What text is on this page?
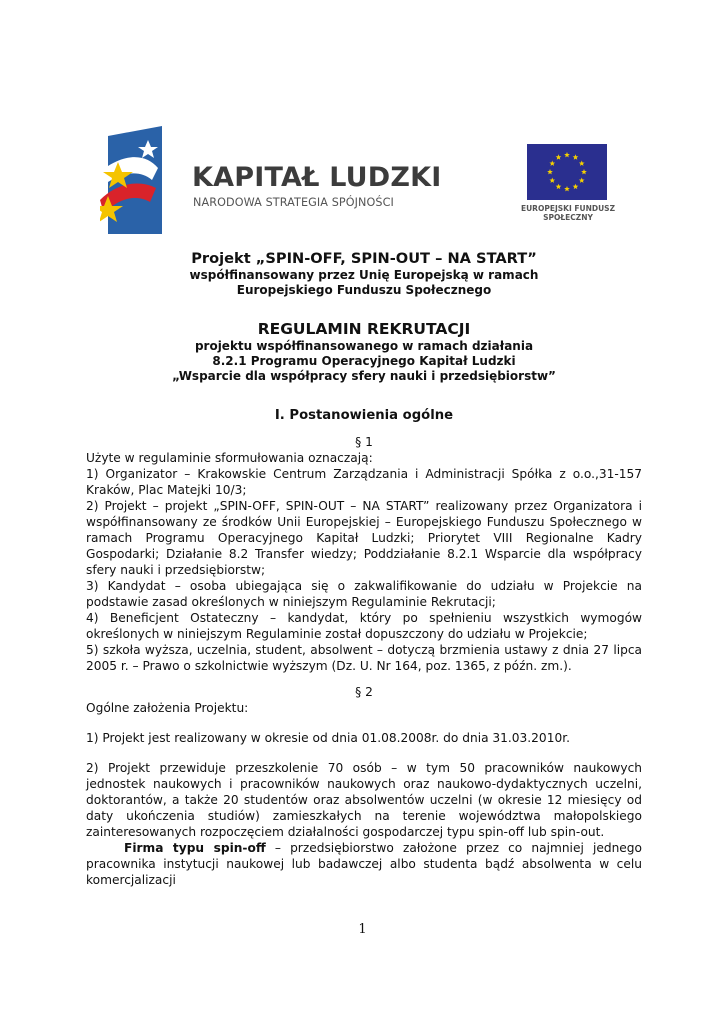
KAPITAŁ LUDZKI
NARODOWA STRATEGIA SPÓJNOŚCI	EUROPEJSKI FUNDUSZ
SPOŁECZNY
Projekt „SPIN-OFF, SPIN-OUT – NA START”
współfinansowany przez Unię Europejską w ramach
Europejskiego Funduszu Społecznego
REGULAMIN REKRUTACJI
projektu współfinansowanego w ramach działania
8.2.1 Programu Operacyjnego Kapitał Ludzki
„Wsparcie dla współpracy sfery nauki i przedsiębiorstw”
I. Postanowienia ogólne
§ 1
Użyte w regulaminie sformułowania oznaczają:
1) Organizator – Krakowskie Centrum Zarządzania i Administracji Spółka z o.o.,31-157 Kraków, Plac Matejki 10/3;
2) Projekt – projekt „SPIN-OFF, SPIN-OUT – NA START” realizowany przez Organizatora i współfinansowany ze środków Unii Europejskiej – Europejskiego Funduszu Społecznego w ramach Programu Operacyjnego Kapitał Ludzki; Priorytet VIII Regionalne Kadry Gospodarki; Działanie 8.2 Transfer wiedzy; Poddziałanie 8.2.1 Wsparcie dla współpracy sfery nauki i przedsiębiorstw;
3) Kandydat – osoba ubiegająca się o zakwalifikowanie do udziału w Projekcie na podstawie zasad określonych w niniejszym Regulaminie Rekrutacji;
4) Beneficjent Ostateczny – kandydat, który po spełnieniu wszystkich wymogów określonych w niniejszym Regulaminie został dopuszczony do udziału w Projekcie;
5) szkoła wyższa, uczelnia, student, absolwent – dotyczą brzmienia ustawy z dnia 27 lipca 2005 r. – Prawo o szkolnictwie wyższym (Dz. U. Nr 164, poz. 1365, z późn. zm.).
§ 2
Ogólne założenia Projektu:
1) Projekt jest realizowany w okresie od dnia 01.08.2008r. do dnia 31.03.2010r.
2) Projekt przewiduje przeszkolenie 70 osób – w tym 50 pracowników naukowych jednostek naukowych i pracowników naukowych oraz naukowo-dydaktycznych uczelni, doktorantów, a także 20 studentów oraz absolwentów uczelni (w okresie 12 miesięcy od daty ukończenia studiów) zamieszkałych na terenie województwa małopolskiego zainteresowanych rozpoczęciem działalności gospodarczej typu spin-off lub spin-out.
Firma typu spin-off – przedsiębiorstwo założone przez co najmniej jednego pracownika instytucji naukowej lub badawczej albo studenta bądź absolwenta w celu komercjalizacji
1
